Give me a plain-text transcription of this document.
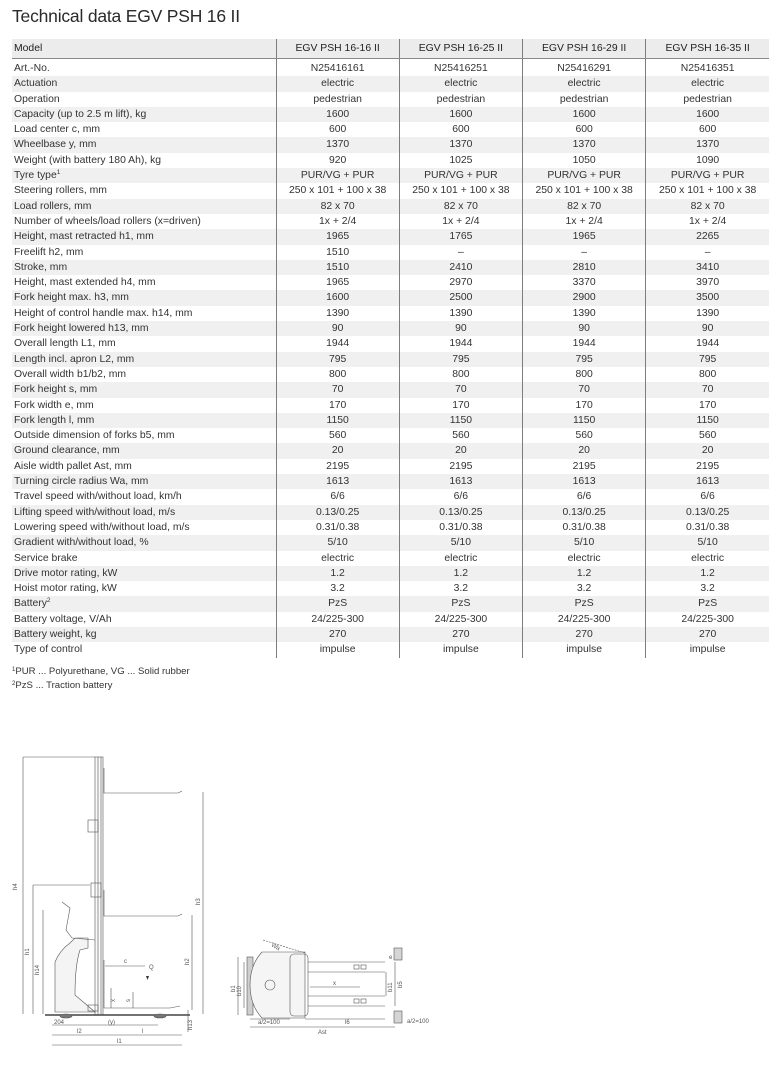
Technical data EGV PSH 16 II
Model	EGV PSH 16-16 II	EGV PSH 16-25 II	EGV PSH 16-29 II	EGV PSH 16-35 II
Art.-No.	N25416161	N25416251	N25416291	N25416351
Actuation	electric	electric	electric	electric
Operation	pedestrian	pedestrian	pedestrian	pedestrian
Capacity (up to 2.5 m lift), kg	1600	1600	1600	1600
Load center c, mm	600	600	600	600
Wheelbase y, mm	1370	1370	1370	1370
Weight (with battery 180 Ah), kg	920	1025	1050	1090
Tyre type$^1$	PUR/VG + PUR	PUR/VG + PUR	PUR/VG + PUR	PUR/VG + PUR
Steering rollers, mm	250 x 101 + 100 x 38	250 x 101 + 100 x 38	250 x 101 + 100 x 38	250 x 101 + 100 x 38
Load rollers, mm	82 x 70	82 x 70	82 x 70	82 x 70
Number of wheels/load rollers (x=driven)	1x + 2/4	1x + 2/4	1x + 2/4	1x + 2/4
Height, mast retracted h1, mm	1965	1765	1965	2265
Freelift h2, mm	1510	–	–	–
Stroke, mm	1510	2410	2810	3410
Height, mast extended h4, mm	1965	2970	3370	3970
Fork height max. h3, mm	1600	2500	2900	3500
Height of control handle max. h14, mm	1390	1390	1390	1390
Fork height lowered h13, mm	90	90	90	90
Overall length L1, mm	1944	1944	1944	1944
Length incl. apron L2, mm	795	795	795	795
Overall width b1/b2, mm	800	800	800	800
Fork height s, mm	70	70	70	70
Fork width e, mm	170	170	170	170
Fork length l, mm	1150	1150	1150	1150
Outside dimension of forks b5, mm	560	560	560	560
Ground clearance, mm	20	20	20	20
Aisle width pallet Ast, mm	2195	2195	2195	2195
Turning circle radius Wa, mm	1613	1613	1613	1613
Travel speed with/without load, km/h	6/6	6/6	6/6	6/6
Lifting speed with/without load, m/s	0.13/0.25	0.13/0.25	0.13/0.25	0.13/0.25
Lowering speed with/without load, m/s	0.31/0.38	0.31/0.38	0.31/0.38	0.31/0.38
Gradient with/without load, %	5/10	5/10	5/10	5/10
Service brake	electric	electric	electric	electric
Drive motor rating, kW	1.2	1.2	1.2	1.2
Hoist motor rating, kW	3.2	3.2	3.2	3.2
Battery$^2$	PzS	PzS	PzS	PzS
Battery voltage, V/Ah	24/225-300	24/225-300	24/225-300	24/225-300
Battery weight, kg	270	270	270	270
Type of control	impulse	impulse	impulse	impulse
$^1$PUR ... Polyurethane, VG ... Solid rubber
$^2$PzS ... Traction battery
h4
h1
h14
h3
h2
h13
c
Q
s
x
204	(y)
l2	l
l1
Wa
b1 b10
x	b11 b5
e
a/2=100	a/2=100
l6
Ast
